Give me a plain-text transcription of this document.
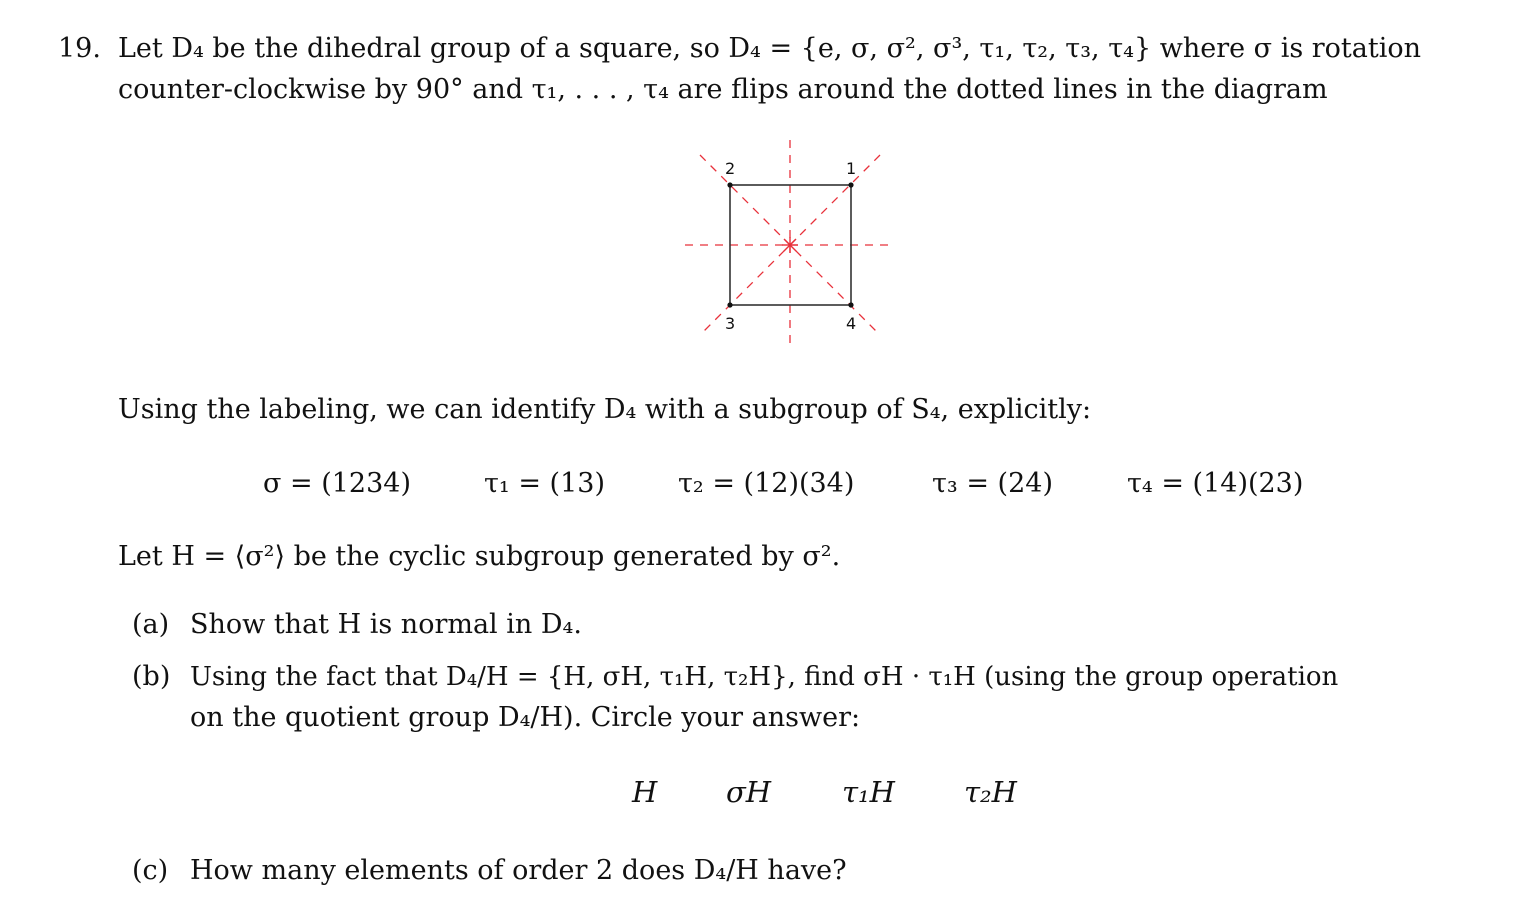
19. Let D₄ be the dihedral group of a square, so D₄ = {e, σ, σ², σ³, τ₁, τ₂, τ₃, τ₄} where σ is rotation
counter-clockwise by 90° and τ₁, . . . , τ₄ are flips around the dotted lines in the diagram
1
2
3	4
Using the labeling, we can identify D₄ with a subgroup of S₄, explicitly:
σ = (1234)	τ₁ = (13)	τ₂ = (12)(34)	τ₃ = (24)	τ₄ = (14)(23)
Let H = ⟨σ²⟩ be the cyclic subgroup generated by σ².
(a) Show that H is normal in D₄.
(b) Using the fact that D₄/H = {H, σH, τ₁H, τ₂H}, find σH · τ₁H (using the group operation
on the quotient group D₄/H). Circle your answer:
H σH τ₁H τ₂H
(c) How many elements of order 2 does D₄/H have?
